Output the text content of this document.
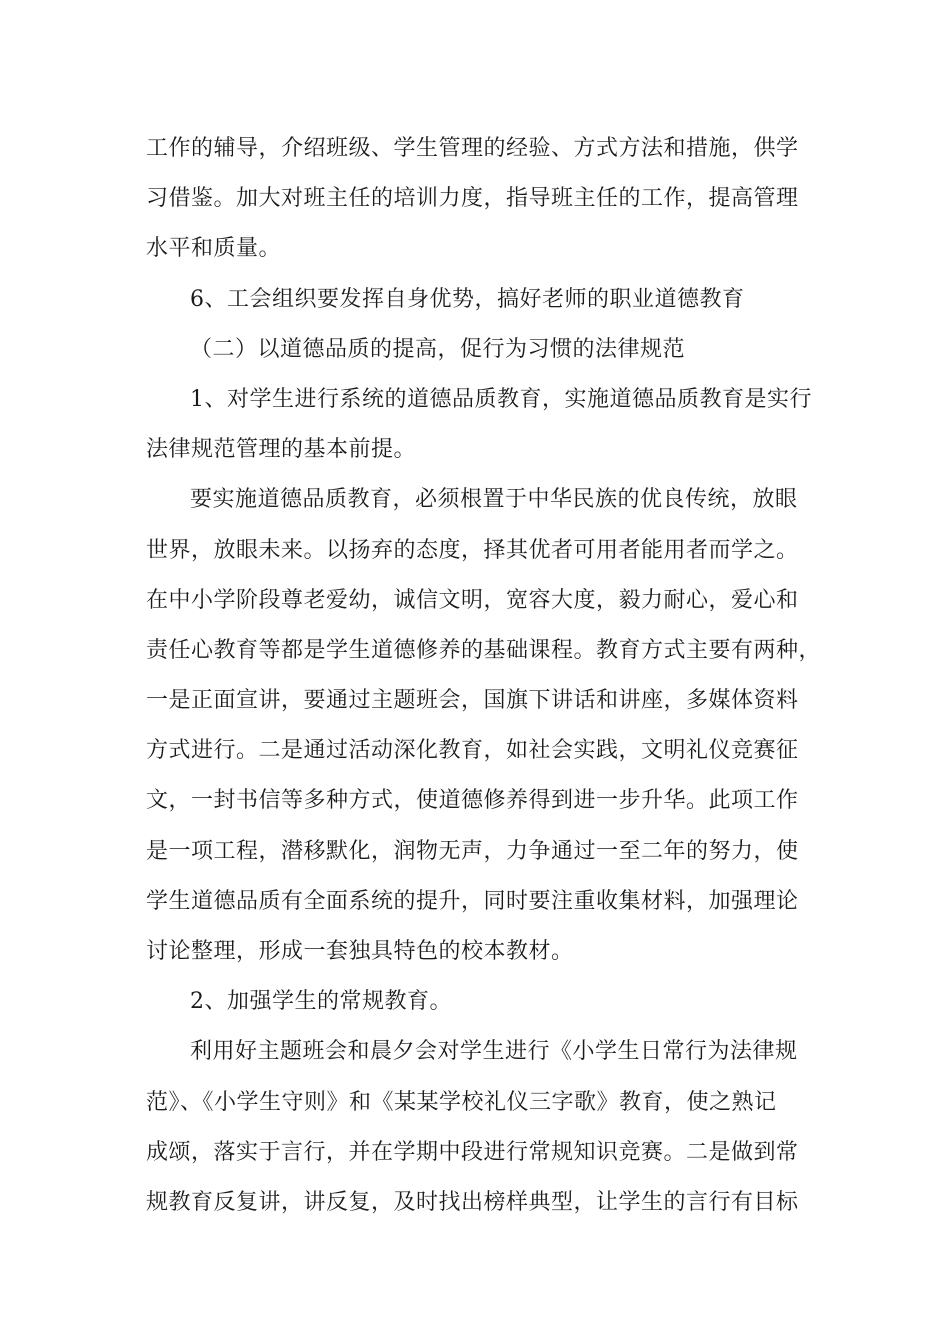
工作的辅导，介绍班级、学生管理的经验、方式方法和措施，供学
习借鉴。加大对班主任的培训力度，指导班主任的工作，提高管理
水平和质量。
6、工会组织要发挥自身优势，搞好老师的职业道德教育
（二）以道德品质的提高，促行为习惯的法律规范
1、对学生进行系统的道德品质教育，实施道德品质教育是实行
法律规范管理的基本前提。
要实施道德品质教育，必须根置于中华民族的优良传统，放眼
世界，放眼未来。以扬弃的态度，择其优者可用者能用者而学之。
在中小学阶段尊老爱幼，诚信文明，宽容大度，毅力耐心，爱心和
责任心教育等都是学生道德修养的基础课程。教育方式主要有两种，
一是正面宣讲，要通过主题班会，国旗下讲话和讲座，多媒体资料
方式进行。二是通过活动深化教育，如社会实践，文明礼仪竞赛征
文，一封书信等多种方式，使道德修养得到进一步升华。此项工作
是一项工程，潜移默化，润物无声，力争通过一至二年的努力，使
学生道德品质有全面系统的提升，同时要注重收集材料，加强理论
讨论整理，形成一套独具特色的校本教材。
2、加强学生的常规教育。
利用好主题班会和晨夕会对学生进行《小学生日常行为法律规
范》、《小学生守则》和《某某学校礼仪三字歌》教育，使之熟记
成颂，落实于言行，并在学期中段进行常规知识竞赛。二是做到常
规教育反复讲，讲反复，及时找出榜样典型，让学生的言行有目标
